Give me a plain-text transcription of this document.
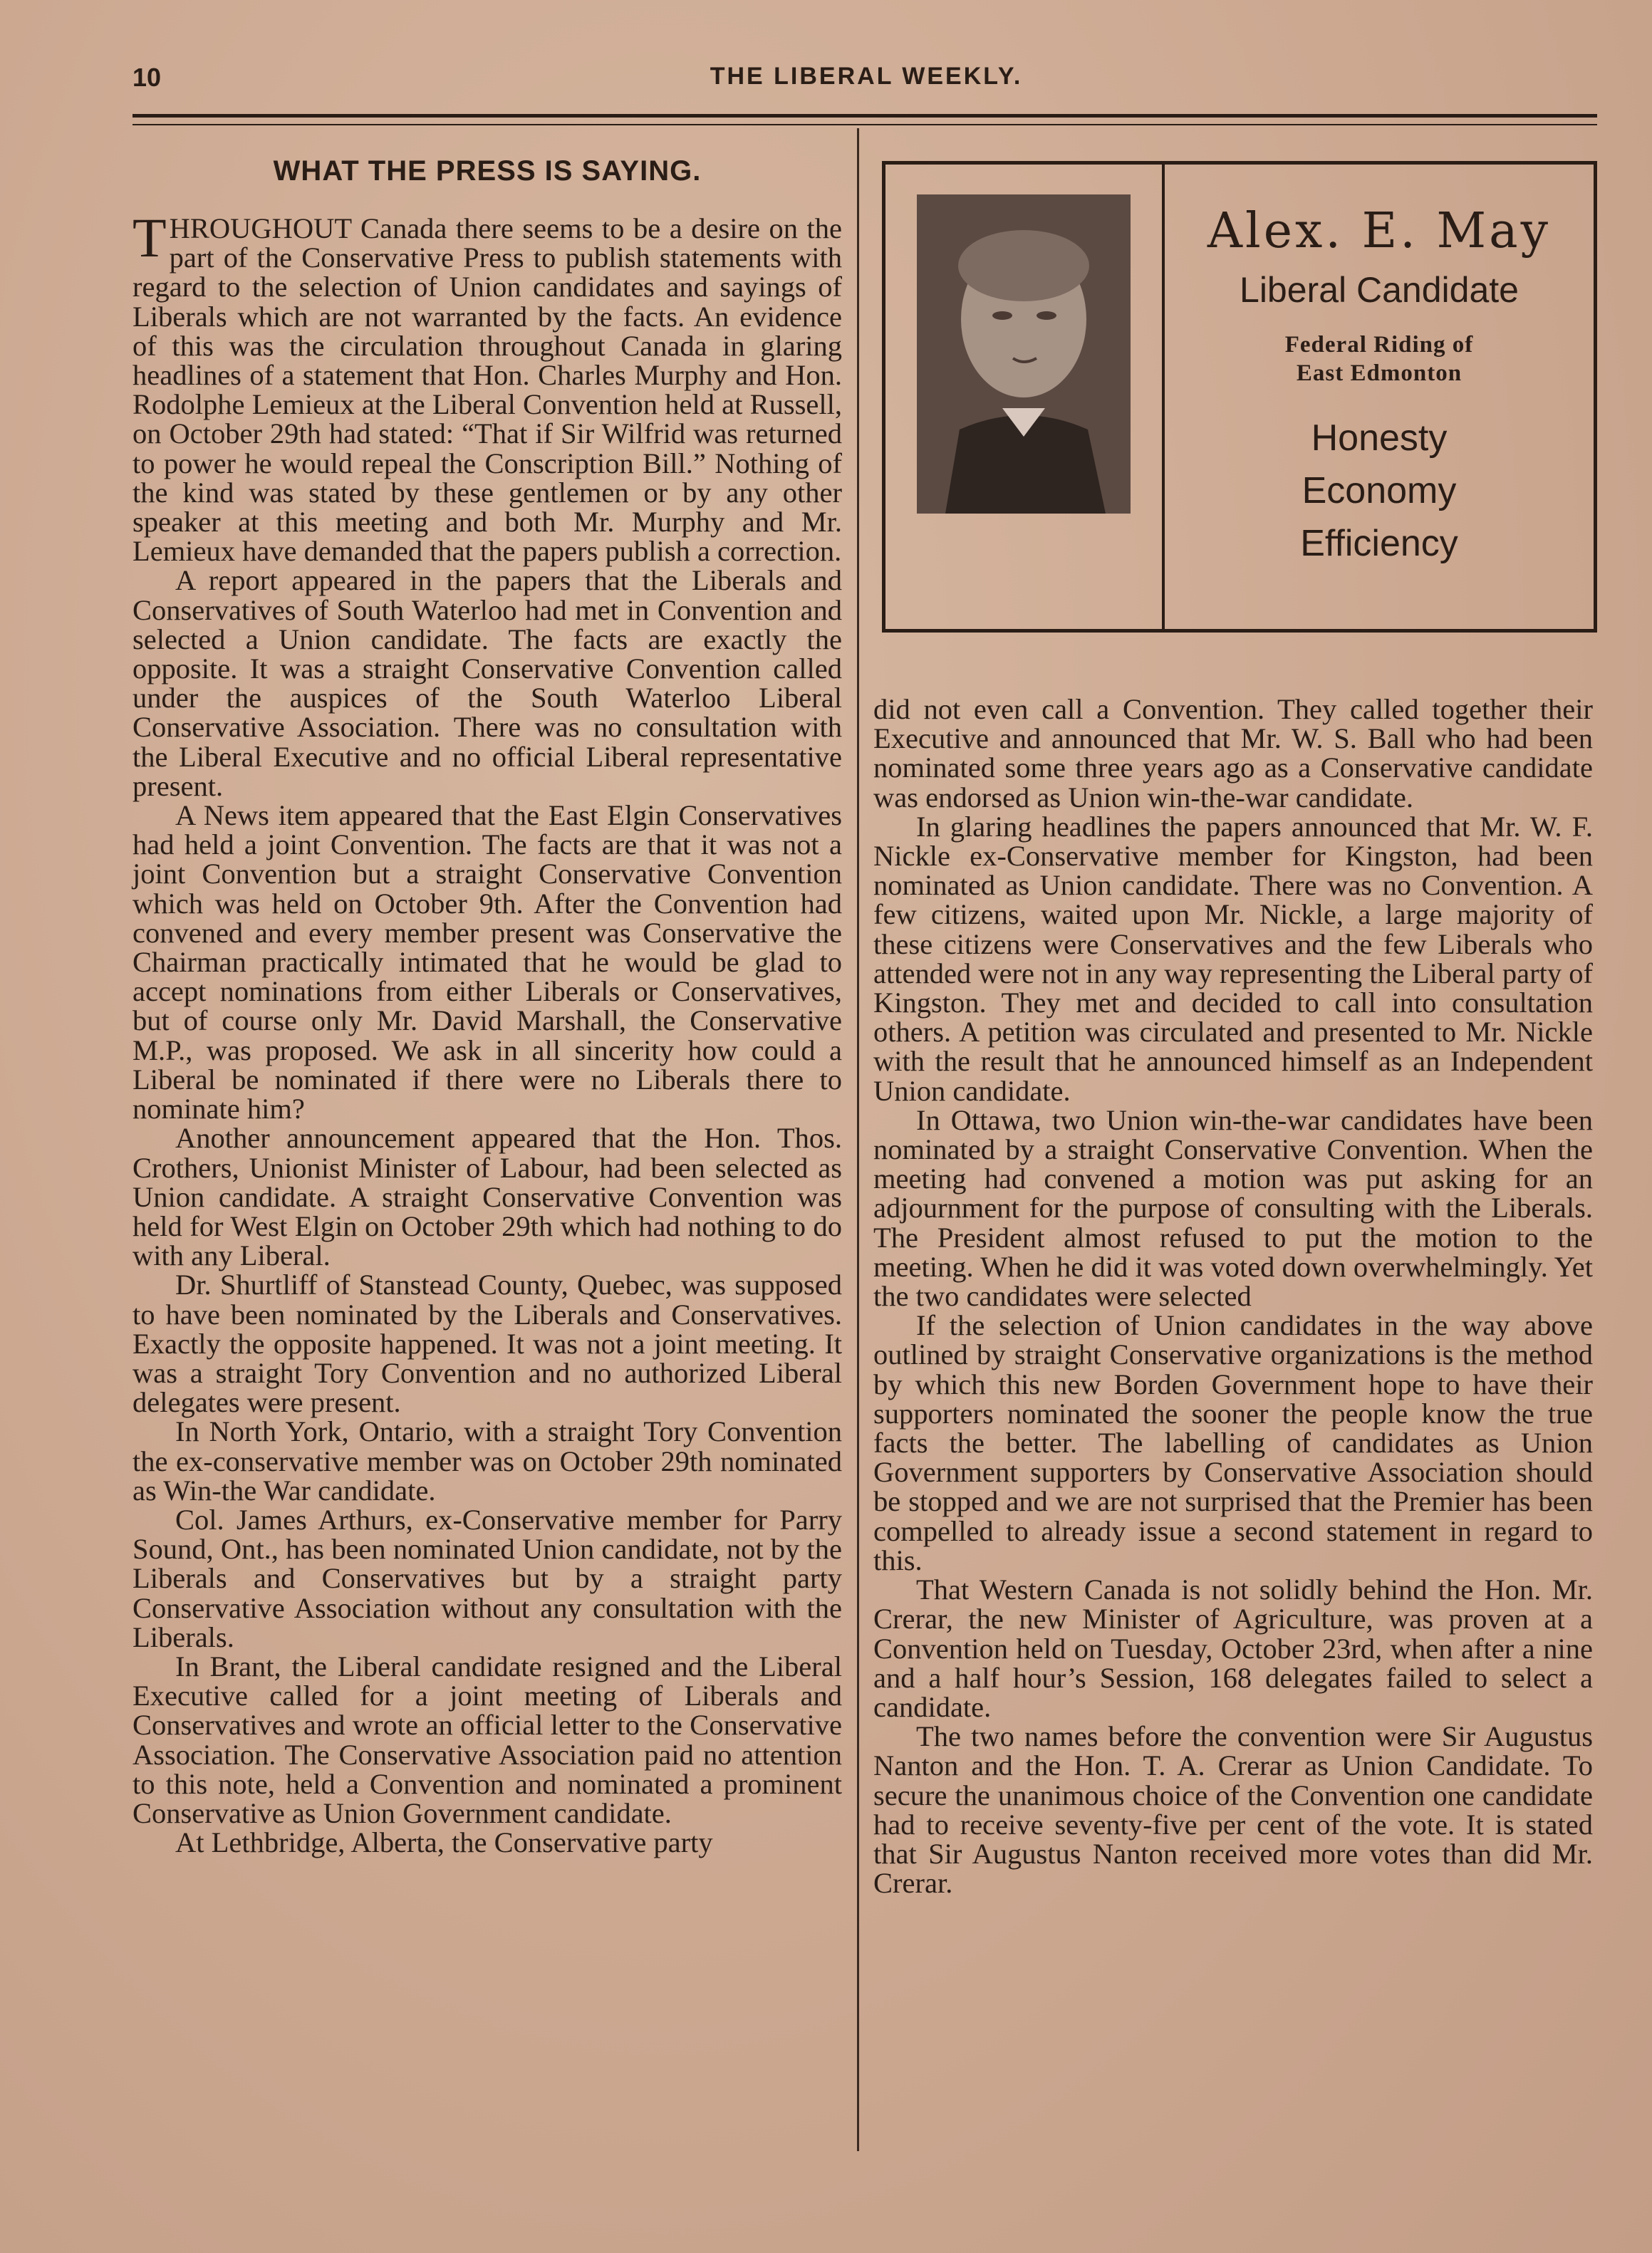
10	THE LIBERAL WEEKLY.
WHAT THE PRESS IS SAYING.

THROUGHOUT Canada there seems to be a desire on the part of the Conservative Press to publish statements with regard to the selection of Union candidates and sayings of Liberals which are not warranted by the facts. An evidence of this was the circulation throughout Canada in glaring headlines of a statement that Hon. Charles Murphy and Hon. Rodolphe Lemieux at the Liberal Convention held at Russell, on October 29th had stated: “That if Sir Wilfrid was returned to power he would repeal the Conscription Bill.” Nothing of the kind was stated by these gentlemen or by any other speaker at this meeting and both Mr. Murphy and Mr. Lemieux have demanded that the papers publish a correction.

A report appeared in the papers that the Liberals and Conservatives of South Waterloo had met in Convention and selected a Union candidate. The facts are exactly the opposite. It was a straight Conservative Convention called under the auspices of the South Waterloo Liberal Conservative Association. There was no consultation with the Liberal Executive and no official Liberal representative present.

A News item appeared that the East Elgin Conservatives had held a joint Convention. The facts are that it was not a joint Convention but a straight Conservative Convention which was held on October 9th. After the Convention had convened and every member present was Conservative the Chairman practically intimated that he would be glad to accept nominations from either Liberals or Conservatives, but of course only Mr. David Marshall, the Conservative M.P., was proposed. We ask in all sincerity how could a Liberal be nominated if there were no Liberals there to nominate him?

Another announcement appeared that the Hon. Thos. Crothers, Unionist Minister of Labour, had been selected as Union candidate. A straight Conservative Convention was held for West Elgin on October 29th which had nothing to do with any Liberal.

Dr. Shurtliff of Stanstead County, Quebec, was supposed to have been nominated by the Liberals and Conservatives. Exactly the opposite happened. It was not a joint meeting. It was a straight Tory Convention and no authorized Liberal delegates were present.

In North York, Ontario, with a straight Tory Convention the ex-conservative member was on October 29th nominated as Win-the War candidate.

Col. James Arthurs, ex-Conservative member for Parry Sound, Ont., has been nominated Union candidate, not by the Liberals and Conservatives but by a straight party Conservative Association without any consultation with the Liberals.

In Brant, the Liberal candidate resigned and the Liberal Executive called for a joint meeting of Liberals and Conservatives and wrote an official letter to the Conservative Association. The Conservative Association paid no attention to this note, held a Convention and nominated a prominent Conservative as Union Government candidate.

At Lethbridge, Alberta, the Conservative party

Alex. E. May
Liberal Candidate
Federal Riding of
East Edmonton
Honesty
Economy
Efficiency

did not even call a Convention. They called together their Executive and announced that Mr. W. S. Ball who had been nominated some three years ago as a Conservative candidate was endorsed as Union win-the-war candidate.

In glaring headlines the papers announced that Mr. W. F. Nickle ex-Conservative member for Kingston, had been nominated as Union candidate. There was no Convention. A few citizens, waited upon Mr. Nickle, a large majority of these citizens were Conservatives and the few Liberals who attended were not in any way representing the Liberal party of Kingston. They met and decided to call into consultation others. A petition was circulated and presented to Mr. Nickle with the result that he announced himself as an Independent Union candidate.

In Ottawa, two Union win-the-war candidates have been nominated by a straight Conservative Convention. When the meeting had convened a motion was put asking for an adjournment for the purpose of consulting with the Liberals. The President almost refused to put the motion to the meeting. When he did it was voted down overwhelmingly. Yet the two candidates were selected

If the selection of Union candidates in the way above outlined by straight Conservative organizations is the method by which this new Borden Government hope to have their supporters nominated the sooner the people know the true facts the better. The labelling of candidates as Union Government supporters by Conservative Association should be stopped and we are not surprised that the Premier has been compelled to already issue a second statement in regard to this.

That Western Canada is not solidly behind the Hon. Mr. Crerar, the new Minister of Agriculture, was proven at a Convention held on Tuesday, October 23rd, when after a nine and a half hour’s Session, 168 delegates failed to select a candidate.

The two names before the convention were Sir Augustus Nanton and the Hon. T. A. Crerar as Union Candidate. To secure the unanimous choice of the Convention one candidate had to receive seventy-five per cent of the vote. It is stated that Sir Augustus Nanton received more votes than did Mr. Crerar.
